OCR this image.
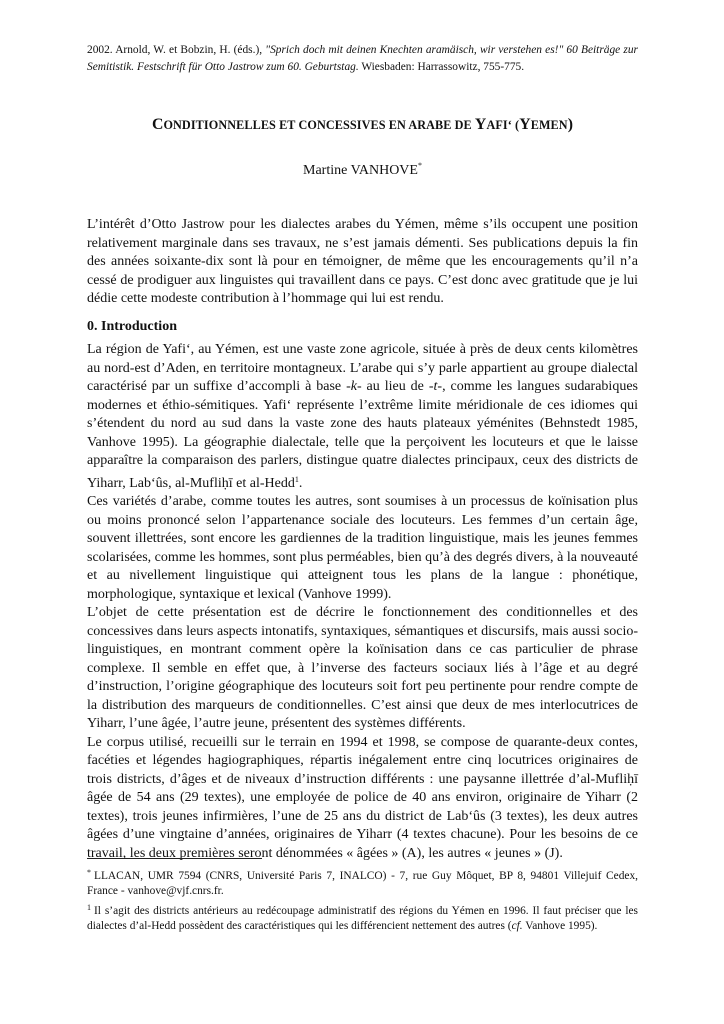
2002. Arnold, W. et Bobzin, H. (éds.), "Sprich doch mit deinen Knechten aramäisch, wir verstehen es!" 60 Beiträge zur Semitistik. Festschrift für Otto Jastrow zum 60. Geburtstag. Wiesbaden: Harrassowitz, 755-775.
CONDITIONNELLES ET CONCESSIVES EN ARABE DE YAFI‘ (YEMEN)
Martine VANHOVE*

L’intérêt d’Otto Jastrow pour les dialectes arabes du Yémen, même s’ils occupent une position relativement marginale dans ses travaux, ne s’est jamais démenti. Ses publications depuis la fin des années soixante-dix sont là pour en témoigner, de même que les encouragements qu’il n’a cessé de prodiguer aux linguistes qui travaillent dans ce pays. C’est donc avec gratitude que je lui dédie cette modeste contribution à l’hommage qui lui est rendu.

0. Introduction

La région de Yafi‘, au Yémen, est une vaste zone agricole, située à près de deux cents kilomètres au nord-est d’Aden, en territoire montagneux. L’arabe qui s’y parle appartient au groupe dialectal caractérisé par un suffixe d’accompli à base -k- au lieu de -t-, comme les langues sudarabiques modernes et éthio-sémitiques. Yafi‘ représente l’extrême limite méridionale de ces idiomes qui s’étendent du nord au sud dans la vaste zone des hauts plateaux yéménites (Behnstedt 1985, Vanhove 1995). La géographie dialectale, telle que la perçoivent les locuteurs et que le laisse apparaître la comparaison des parlers, distingue quatre dialectes principaux, ceux des districts de Yiharr, Lab‘ûs, al-Mufliḥī et al-Hedd$^1$.

Ces variétés d’arabe, comme toutes les autres, sont soumises à un processus de koïnisation plus ou moins prononcé selon l’appartenance sociale des locuteurs. Les femmes d’un certain âge, souvent illettrées, sont encore les gardiennes de la tradition linguistique, mais les jeunes femmes scolarisées, comme les hommes, sont plus perméables, bien qu’à des degrés divers, à la nouveauté et au nivellement linguistique qui atteignent tous les plans de la langue : phonétique, morphologique, syntaxique et lexical (Vanhove 1999).

L’objet de cette présentation est de décrire le fonctionnement des conditionnelles et des concessives dans leurs aspects intonatifs, syntaxiques, sémantiques et discursifs, mais aussi socio-linguistiques, en montrant comment opère la koïnisation dans ce cas particulier de phrase complexe. Il semble en effet que, à l’inverse des facteurs sociaux liés à l’âge et au degré d’instruction, l’origine géographique des locuteurs soit fort peu pertinente pour rendre compte de la distribution des marqueurs de conditionnelles. C’est ainsi que deux de mes interlocutrices de Yiharr, l’une âgée, l’autre jeune, présentent des systèmes différents.

Le corpus utilisé, recueilli sur le terrain en 1994 et 1998, se compose de quarante-deux contes, facéties et légendes hagiographiques, répartis inégalement entre cinq locutrices originaires de trois districts, d’âges et de niveaux d’instruction différents : une paysanne illettrée d’al-Mufliḥī âgée de 54 ans (29 textes), une employée de police de 40 ans environ, originaire de Yiharr (2 textes), trois jeunes infirmières, l’une de 25 ans du district de Lab‘ûs (3 textes), les deux autres âgées d’une vingtaine d’années, originaires de Yiharr (4 textes chacune). Pour les besoins de ce travail, les deux premières seront dénommées « âgées » (A), les autres « jeunes » (J).

* LLACAN, UMR 7594 (CNRS, Université Paris 7, INALCO) - 7, rue Guy Môquet, BP 8, 94801 Villejuif Cedex, France - vanhove@vjf.cnrs.fr.

$^1$ Il s’agit des districts antérieurs au redécoupage administratif des régions du Yémen en 1996. Il faut préciser que les dialectes d’al-Hedd possèdent des caractéristiques qui les différencient nettement des autres (cf. Vanhove 1995).
